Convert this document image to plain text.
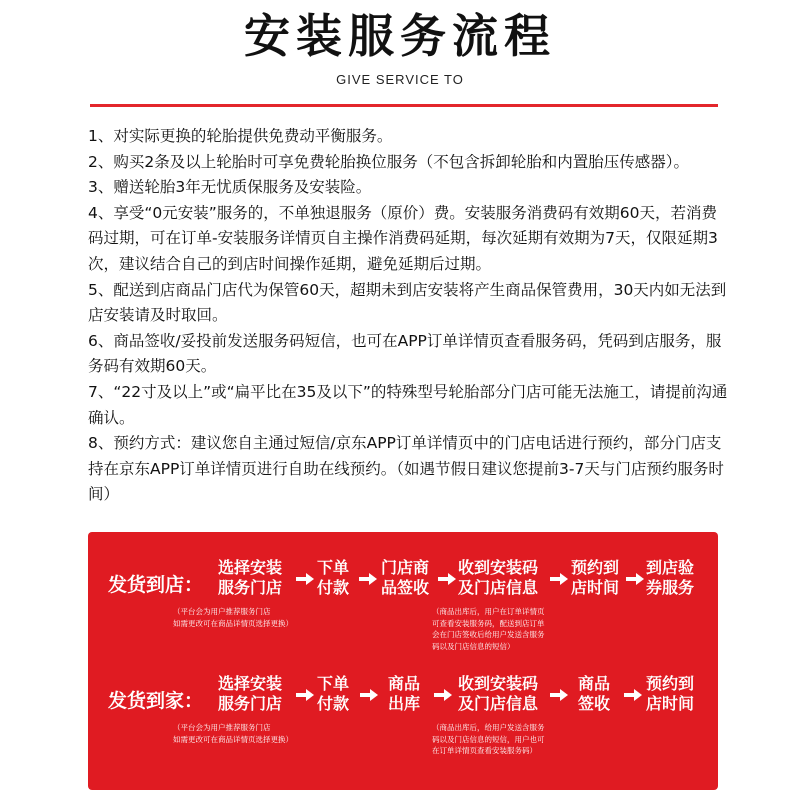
安装服务流程
GIVE SERVICE TO

1、对实际更换的轮胎提供免费动平衡服务。

2、购买2条及以上轮胎时可享免费轮胎换位服务（不包含拆卸轮胎和内置胎压传感器）。

3、赠送轮胎3年无忧质保服务及安装险。

4、享受“0元安装”服务的，不单独退服务（原价）费。安装服务消费码有效期60天，若消费码过期，可在订单-安装服务详情页自主操作消费码延期，每次延期有效期为7天，仅限延期3次，建议结合自己的到店时间操作延期，避免延期后过期。

5、配送到店商品门店代为保管60天，超期未到店安装将产生商品保管费用，30天内如无法到店安装请及时取回。

6、商品签收/妥投前发送服务码短信，也可在APP订单详情页查看服务码，凭码到店服务，服务码有效期60天。

7、“22寸及以上”或“扁平比在35及以下”的特殊型号轮胎部分门店可能无法施工，请提前沟通确认。

8、预约方式：建议您自主通过短信/京东APP订单详情页中的门店电话进行预约，部分门店支持在京东APP订单详情页进行自助在线预约。（如遇节假日建议您提前3-7天与门店预约服务时间）

发货到店：
选择安装
服务门店
下单
付款
门店商
品签收
收到安装码
及门店信息
预约到
店时间
到店验
券服务
（平台会为用户推荐服务门店
如需更改可在商品详情页选择更换）
（商品出库后，用户在订单详情页
可查看安装服务码，配送到店订单
会在门店签收后给用户发送含服务
码以及门店信息的短信）
发货到家：
选择安装
服务门店
下单
付款
商品
出库
收到安装码
及门店信息
商品
签收
预约到
店时间
（平台会为用户推荐服务门店
如需更改可在商品详情页选择更换）
（商品出库后，给用户发送含服务
码以及门店信息的短信，用户也可
在订单详情页查看安装服务码）
